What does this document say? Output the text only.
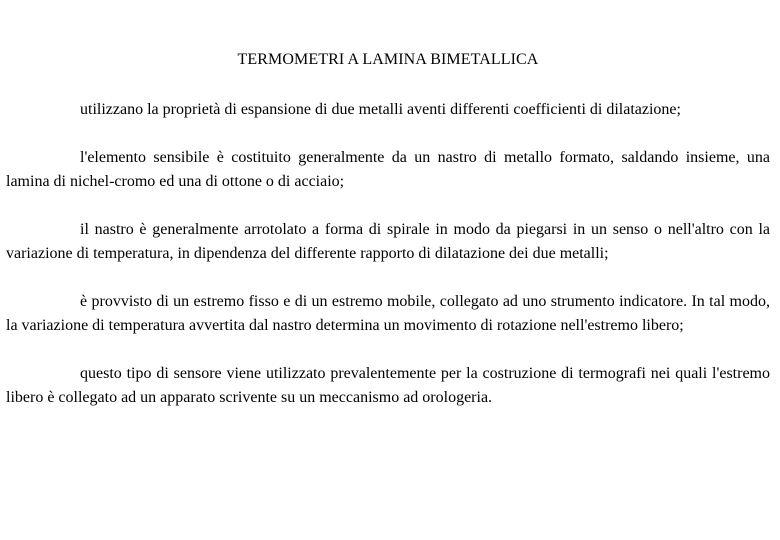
TERMOMETRI A LAMINA BIMETALLICA

utilizzano la proprietà di espansione di due metalli aventi differenti coefficienti di dilatazione;

l'elemento sensibile è costituito generalmente da un nastro di metallo formato, saldando insieme, una lamina di nichel-cromo ed una di ottone o di acciaio;

il nastro è generalmente arrotolato a forma di spirale in modo da piegarsi in un senso o nell'altro con la variazione di temperatura, in dipendenza del differente rapporto di dilatazione dei due metalli;

è provvisto di un estremo fisso e di un estremo mobile, collegato ad uno strumento indicatore. In tal modo, la variazione di temperatura avvertita dal nastro determina un movimento di rotazione nell'estremo libero;

questo tipo di sensore viene utilizzato prevalentemente per la costruzione di termografi nei quali l'estremo libero è collegato ad un apparato scrivente su un meccanismo ad orologeria.
